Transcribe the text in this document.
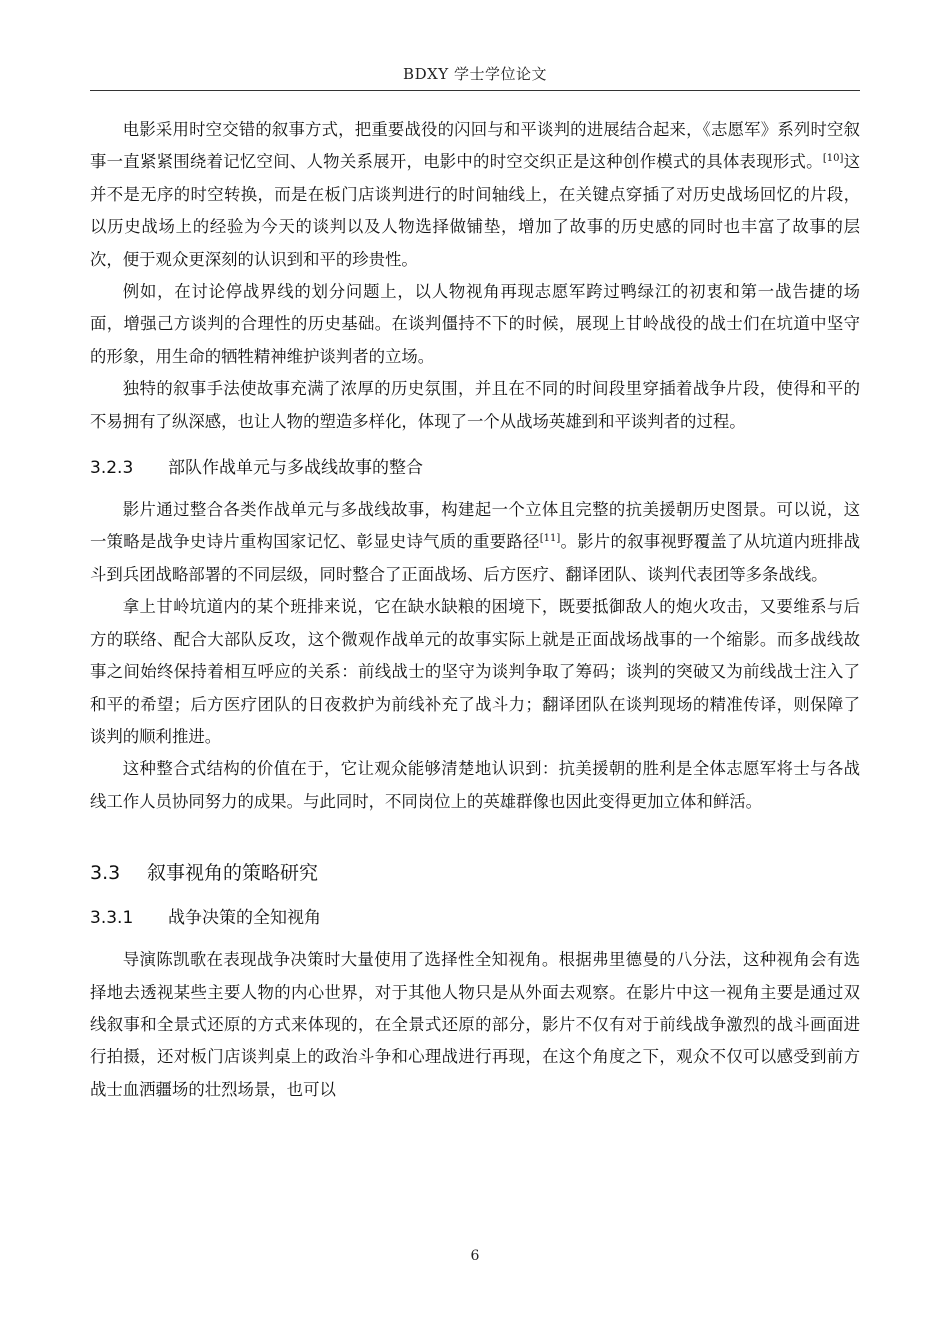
BDXY 学士学位论文

电影采用时空交错的叙事方式，把重要战役的闪回与和平谈判的进展结合起来，《志愿军》系列时空叙事一直紧紧围绕着记忆空间、人物关系展开，电影中的时空交织正是这种创作模式的具体表现形式。[10]这并不是无序的时空转换，而是在板门店谈判进行的时间轴线上，在关键点穿插了对历史战场回忆的片段，以历史战场上的经验为今天的谈判以及人物选择做铺垫，增加了故事的历史感的同时也丰富了故事的层次，便于观众更深刻的认识到和平的珍贵性。

例如，在讨论停战界线的划分问题上，以人物视角再现志愿军跨过鸭绿江的初衷和第一战告捷的场面，增强己方谈判的合理性的历史基础。在谈判僵持不下的时候，展现上甘岭战役的战士们在坑道中坚守的形象，用生命的牺牲精神维护谈判者的立场。

独特的叙事手法使故事充满了浓厚的历史氛围，并且在不同的时间段里穿插着战争片段，使得和平的不易拥有了纵深感，也让人物的塑造多样化，体现了一个从战场英雄到和平谈判者的过程。

3.2.3 部队作战单元与多战线故事的整合

影片通过整合各类作战单元与多战线故事，构建起一个立体且完整的抗美援朝历史图景。可以说，这一策略是战争史诗片重构国家记忆、彰显史诗气质的重要路径[11]。影片的叙事视野覆盖了从坑道内班排战斗到兵团战略部署的不同层级，同时整合了正面战场、后方医疗、翻译团队、谈判代表团等多条战线。

拿上甘岭坑道内的某个班排来说，它在缺水缺粮的困境下，既要抵御敌人的炮火攻击，又要维系与后方的联络、配合大部队反攻，这个微观作战单元的故事实际上就是正面战场战事的一个缩影。而多战线故事之间始终保持着相互呼应的关系：前线战士的坚守为谈判争取了筹码；谈判的突破又为前线战士注入了和平的希望；后方医疗团队的日夜救护为前线补充了战斗力；翻译团队在谈判现场的精准传译，则保障了谈判的顺利推进。

这种整合式结构的价值在于，它让观众能够清楚地认识到：抗美援朝的胜利是全体志愿军将士与各战线工作人员协同努力的成果。与此同时，不同岗位上的英雄群像也因此变得更加立体和鲜活。

3.3 叙事视角的策略研究
3.3.1 战争决策的全知视角

导演陈凯歌在表现战争决策时大量使用了选择性全知视角。根据弗里德曼的八分法，这种视角会有选择地去透视某些主要人物的内心世界，对于其他人物只是从外面去观察。在影片中这一视角主要是通过双线叙事和全景式还原的方式来体现的，在全景式还原的部分，影片不仅有对于前线战争激烈的战斗画面进行拍摄，还对板门店谈判桌上的政治斗争和心理战进行再现，在这个角度之下，观众不仅可以感受到前方战士血洒疆场的壮烈场景，也可以

6
